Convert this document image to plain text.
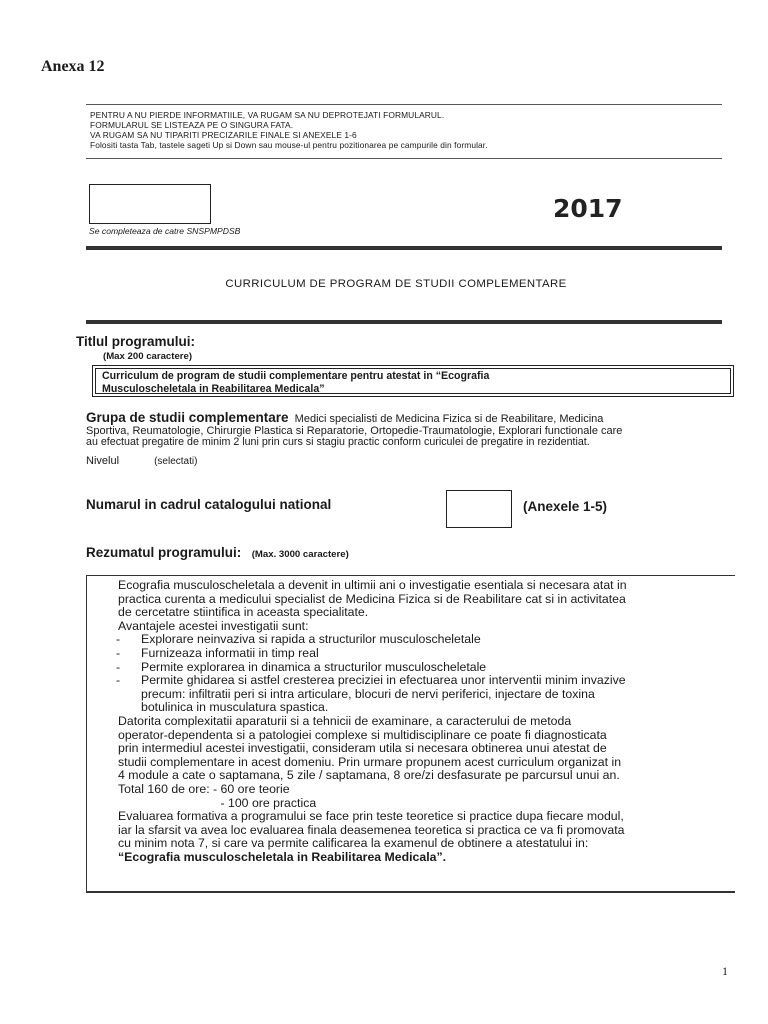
Anexa 12
PENTRU A NU PIERDE INFORMATIILE, VA RUGAM SA NU DEPROTEJATI FORMULARUL.
FORMULARUL SE LISTEAZA PE O SINGURA FATA.
VA RUGAM SA NU TIPARITI PRECIZARILE FINALE SI ANEXELE 1-6
Folositi tasta Tab, tastele sageti Up si Down sau mouse-ul pentru pozitionarea pe campurile din formular.
Se completeaza de catre SNSPMPDSB
2017
CURRICULUM DE PROGRAM DE STUDII COMPLEMENTARE
Titlul programului:
(Max 200 caractere)
Curriculum de program de studii complementare pentru atestat in “Ecografia
Musculoscheletala in Reabilitarea Medicala”
Grupa de studii complementare Medici specialisti de Medicina Fizica si de Reabilitare, Medicina
Sportiva, Reumatologie, Chirurgie Plastica si Reparatorie, Ortopedie-Traumatologie, Explorari functionale care
au efectuat pregatire de minim 2 luni prin curs si stagiu practic conform curiculei de pregatire in rezidentiat.
Nivelul	(selectati)
Numarul in cadrul catalogului national	(Anexele 1-5)
Rezumatul programului: (Max. 3000 caractere)
Ecografia musculoscheletala a devenit in ultimii ani o investigatie esentiala si necesara atat in
practica curenta a medicului specialist de Medicina Fizica si de Reabilitare cat si in activitatea
de cercetatre stiintifica in aceasta specialitate.
Avantajele acestei investigatii sunt:
-	Explorare neinvaziva si rapida a structurilor musculoscheletale
-	Furnizeaza informatii in timp real
-	Permite explorarea in dinamica a structurilor musculoscheletale
-	Permite ghidarea si astfel cresterea preciziei in efectuarea unor interventii minim invazive
precum: infiltratii peri si intra articulare, blocuri de nervi periferici, injectare de toxina
botulinica in musculatura spastica.
Datorita complexitatii aparaturii si a tehnicii de examinare, a caracterului de metoda
operator-dependenta si a patologiei complexe si multidisciplinare ce poate fi diagnosticata
prin intermediul acestei investigatii, consideram utila si necesara obtinerea unui atestat de
studii complementare in acest domeniu. Prin urmare propunem acest curriculum organizat in
4 module a cate o saptamana, 5 zile / saptamana, 8 ore/zi desfasurate pe parcursul unui an.
Total 160 de ore: - 60 ore teorie
- 100 ore practica
Evaluarea formativa a programului se face prin teste teoretice si practice dupa fiecare modul,
iar la sfarsit va avea loc evaluarea finala deasemenea teoretica si practica ce va fi promovata
cu minim nota 7, si care va permite calificarea la examenul de obtinere a atestatului in:
“Ecografia musculoscheletala in Reabilitarea Medicala”.
1
